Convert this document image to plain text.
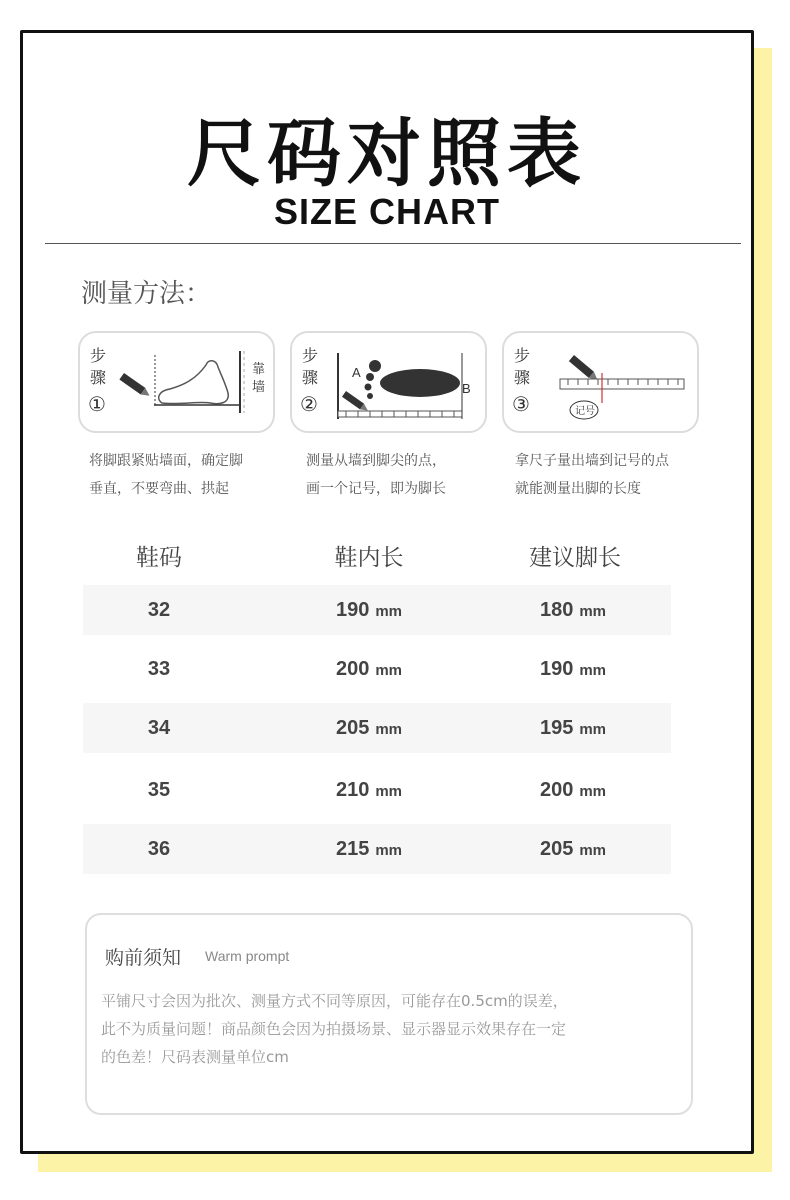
尺码对照表
SIZE CHART
测量方法：
步
骤
①
靠
墙
将脚跟紧贴墙面，确定脚
垂直，不要弯曲、拱起
步
骤
②
A
B
测量从墙到脚尖的点，
画一个记号，即为脚长
步
骤
③	记号
拿尺子量出墙到记号的点
就能测量出脚的长度
鞋码	鞋内长	建议脚长
32	190 mm	180 mm
33	200 mm	190 mm
34	205 mm	195 mm
35	210 mm	200 mm
36	215 mm	205 mm
购前须知 Warm prompt
平铺尺寸会因为批次、测量方式不同等原因，可能存在0.5cm的误差，
此不为质量问题！商品颜色会因为拍摄场景、显示器显示效果存在一定
的色差！尺码表测量单位cm
